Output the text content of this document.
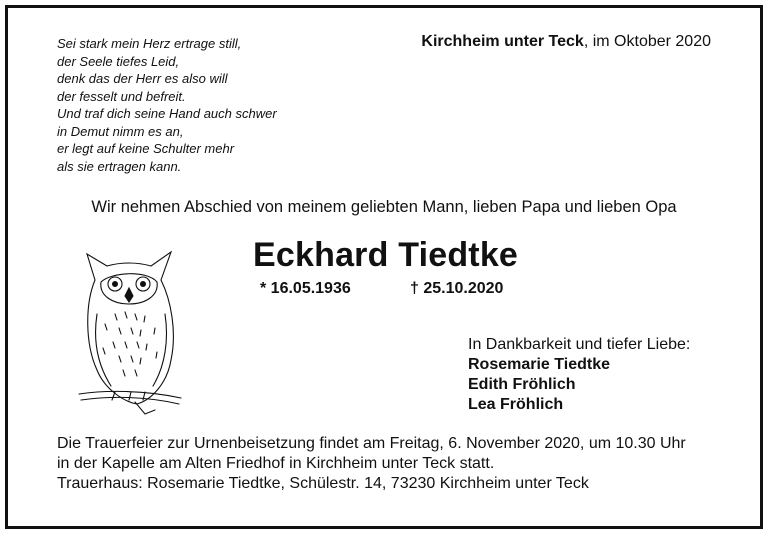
Sei stark mein Herz ertrage still,
der Seele tiefes Leid,
denk das der Herr es also will
der fesselt und befreit.
Und traf dich seine Hand auch schwer
in Demut nimm es an,
er legt auf keine Schulter mehr
als sie ertragen kann.
Kirchheim unter Teck, im Oktober 2020
Wir nehmen Abschied von meinem geliebten Mann, lieben Papa und lieben Opa
Eckhard Tiedtke
* 16.05.1936	† 25.10.2020
In Dankbarkeit und tiefer Liebe:
Rosemarie Tiedtke
Edith Fröhlich
Lea Fröhlich
Die Trauerfeier zur Urnenbeisetzung findet am Freitag, 6. November 2020, um 10.30 Uhr
in der Kapelle am Alten Friedhof in Kirchheim unter Teck statt.
Trauerhaus: Rosemarie Tiedtke, Schülestr. 14, 73230 Kirchheim unter Teck
